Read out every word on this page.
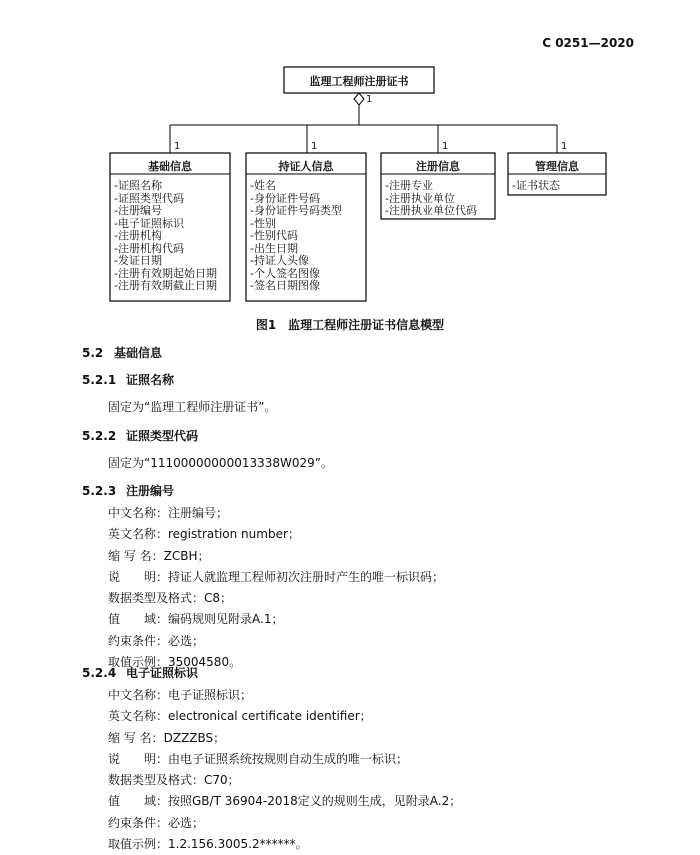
C 0251—2020
监理工程师注册证书
1
1	1	1	1
基础信息
-证照名称
-证照类型代码
-注册编号
-电子证照标识
-注册机构
-注册机构代码
-发证日期
-注册有效期起始日期
-注册有效期截止日期
持证人信息
-姓名
-身份证件号码
-身份证件号码类型
-性别
-性别代码
-出生日期
-持证人头像
-个人签名图像
-签名日期图像
注册信息
-注册专业
-注册执业单位
-注册执业单位代码
管理信息
-证书状态
图1　监理工程师注册证书信息模型
5.2 基础信息
5.2.1 证照名称
固定为“监理工程师注册证书”。
5.2.2 证照类型代码
固定为“11100000000013338W029”。
5.2.3 注册编号
中文名称：注册编号；
英文名称：registration number；
缩 写 名：ZCBH；
说　　明：持证人就监理工程师初次注册时产生的唯一标识码；
数据类型及格式：C8；
值　　域：编码规则见附录A.1；
约束条件：必选；
取值示例：35004580。
5.2.4 电子证照标识
中文名称：电子证照标识；
英文名称：electronical certificate identifier；
缩 写 名：DZZZBS；
说　　明：由电子证照系统按规则自动生成的唯一标识；
数据类型及格式：C70；
值　　域：按照GB/T 36904-2018定义的规则生成，见附录A.2；
约束条件：必选；
取值示例：1.2.156.3005.2******。
